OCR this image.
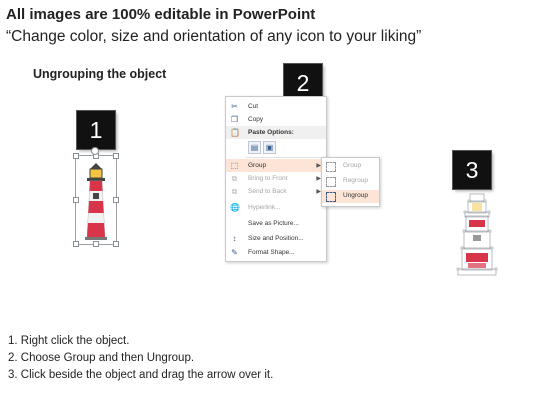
All images are 100% editable in PowerPoint
“Change color, size and orientation of any icon to your liking”
Ungrouping the object
1
2
3
✂ Cut
❐ Copy
📋 Paste Options:
▤ ▣
⬚ Group	▶
⧉ Bring to Front	▶
⧉ Send to Back	▶
🌐 Hyperlink...
Save as Picture...
↕	Size and Position...
✎ Format Shape...
Group
Regroup
Ungroup
1. Right click the object.
2. Choose Group and then Ungroup.
3. Click beside the object and drag the arrow over it.
